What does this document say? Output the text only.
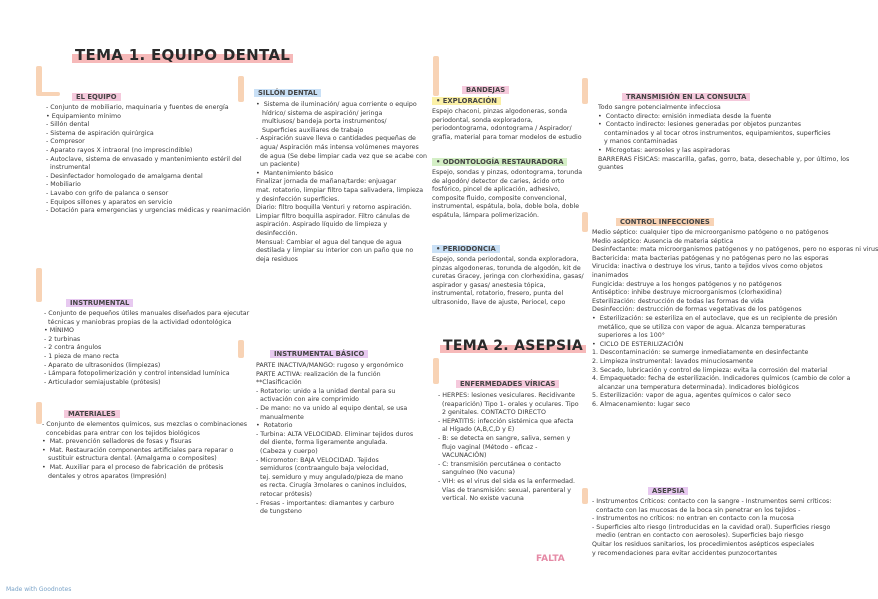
TEMA 1. EQUIPO DENTAL
TEMA 2. ASEPSIA
EL EQUIPO

- Conjunto de mobiliario, maquinaria y fuentes de energía

• Equipamiento mínimo

- Sillón dental

- Sistema de aspiración quirúrgica

- Compresor

- Aparato rayos X intraoral (no imprescindible)

- Autoclave, sistema de envasado y mantenimiento estéril del

instrumental

- Desinfectador homologado de amalgama dental

- Mobiliario

- Lavabo con grifo de palanca o sensor

- Equipos sillones y aparatos en servicio

- Dotación para emergencias y urgencias médicas y reanimación

INSTRUMENTAL

- Conjunto de pequeños útiles manuales diseñados para ejecutar

técnicas y maniobras propias de la actividad odontológica

• MÍNIMO

- 2 turbinas

- 2 contra ángulos

- 1 pieza de mano recta

- Aparato de ultrasonidos (limpiezas)

- Lámpara fotopolimerización y control intensidad lumínica

- Articulador semiajustable (prótesis)

MATERIALES

- Conjunto de elementos químicos, sus mezclas o combinaciones

concebidas para entrar con los tejidos biológicos

•  Mat. prevención selladores de fosas y fisuras

•  Mat. Restauración componentes artificiales para reparar o

sustituir estructura dental. (Amalgama o composites)

•  Mat. Auxiliar para el proceso de fabricación de prótesis

dentales y otros aparatos (Impresión)

SILLÓN DENTAL

•  Sistema de iluminación/ agua corriente o equipo

hídrico/ sistema de aspiración/ jeringa

multiusos/ bandeja porta instrumentos/

Superficies auxiliares de trabajo

- Aspiración suave lleva o cantidades pequeñas de

agua/ Aspiración más intensa volúmenes mayores

de agua (Se debe limpiar cada vez que se acabe con

un paciente)

•  Mantenimiento básico

Finalizar jornada de mañana/tarde: enjuagar

mat. rotatorio, limpiar filtro tapa salivadera, limpieza

y desinfección superficies.

Diario: filtro boquilla Venturi y retorno aspiración.

Limpiar filtro boquilla aspirador. Filtro cánulas de

aspiración. Aspirado líquido de limpieza y

desinfección.

Mensual: Cambiar el agua del tanque de agua

destilada y limpiar su interior con un paño que no

deja residuos

INSTRUMENTAL BÁSICO

PARTE INACTIVA/MANGO: rugoso y ergonómico

PARTE ACTIVA: realización de la función

**Clasificación

- Rotatorio: unido a la unidad dental para su

activación con aire comprimido

- De mano: no va unido al equipo dental, se usa

manualmente

•  Rotatorio

- Turbina: ALTA VELOCIDAD. Eliminar tejidos duros

del diente, forma ligeramente angulada.

(Cabeza y cuerpo)

- Micromotor: BAJA VELOCIDAD. Tejidos

semiduros (contraangulo baja velocidad,

tej. semiduro y muy angulado/pieza de mano

es recta. Cirugía 3molares o caninos incluidos,

retocar prótesis)

- Fresas - importantes: diamantes y carburo

de tungsteno

BANDEJAS
• EXPLORACIÓN

Espejo chaconi, pinzas algodoneras, sonda

periodontal, sonda exploradora,

periodontograma, odontograma / Aspirador/

grafía, material para tomar modelos de estudio

• ODONTOLOGÍA RESTAURADORA

Espejo, sondas y pinzas, odontograma, torunda

de algodón/ detector de caries, ácido orto

fosfórico, pincel de aplicación, adhesivo,

composite fluido, composite convencional,

instrumental, espátula, bola, doble bola, doble

espátula, lámpara polimerización.

• PERIODONCIA

Espejo, sonda periodontal, sonda exploradora,

pinzas algodoneras, torunda de algodón, kit de

curetas Gracey, jeringa con clorhexidina, gasas/

aspirador y gasas/ anestesia tópica,

instrumental, rotatorio, fresero, punta del

ultrasonido, llave de ajuste, Periocel, cepo

ENFERMEDADES VÍRICAS

- HERPES: lesiones vesiculares. Recidivante

(reaparición) Tipo 1- orales y oculares. Tipo

2 genitales. CONTACTO DIRECTO

- HEPATITIS: infección sistémica que afecta

al Hígado (A,B,C,D y E)

- B: se detecta en sangre, saliva, semen y

flujo vaginal (Método - eficaz -

VACUNACIÓN)

- C: transmisión percutánea o contacto

sanguíneo (No vacuna)

- VIH: es el virus del sida es la enfermedad.

Vías de transmisión: sexual, parenteral y

vertical. No existe vacuna

TRANSMISIÓN EN LA CONSULTA

Todo sangre potencialmente infecciosa

•  Contacto directo: emisión inmediata desde la fuente

•  Contacto indirecto: lesiones generadas por objetos punzantes

contaminados y al tocar otros instrumentos, equipamientos, superficies

y manos contaminadas

•  Microgotas: aerosoles y las aspiradoras

BARRERAS FÍSICAS: mascarilla, gafas, gorro, bata, desechable y, por último, los

guantes

CONTROL INFECCIONES

Medio séptico: cualquier tipo de microorganismo patógeno o no patógenos

Medio aséptico: Ausencia de materia séptica

Desinfectante: mata microorganismos patógenos y no patógenos, pero no esporas ni virus

Bactericida: mata bacterias patógenas y no patógenas pero no las esporas

Virucida: inactiva o destruye los virus, tanto a tejidos vivos como objetos

inanimados

Fungicida: destruye a los hongos patógenos y no patógenos

Antiséptico: inhibe destruye microorganismos (clorhexidina)

Esterilización: destrucción de todas las formas de vida

Desinfección: destrucción de formas vegetativas de los patógenos

•  Esterilización: se esteriliza en el autoclave, que es un recipiente de presión

metálico, que se utiliza con vapor de agua. Alcanza temperaturas

superiores a los 100°

•  CICLO DE ESTERILIZACIÓN

1. Descontaminación: se sumerge inmediatamente en desinfectante

2. Limpieza instrumental: lavados minuciosamente

3. Secado, lubricación y control de limpieza: evita la corrosión del material

4. Empaquetado: fecha de esterilización. Indicadores químicos (cambio de color a

alcanzar una temperatura determinada). Indicadores biológicos

5. Esterilización: vapor de agua, agentes químicos o calor seco

6. Almacenamiento: lugar seco

ASEPSIA

- Instrumentos Críticos: contacto con la sangre - Instrumentos semi críticos:

contacto con las mucosas de la boca sin penetrar en los tejidos -

- Instrumentos no críticos: no entran en contacto con la mucosa

- Superficies alto riesgo (introducidas en la cavidad oral). Superficies riesgo

medio (entran en contacto con aerosoles). Superficies bajo riesgo

Quitar los residuos sanitarios, los procedimientos asépticos especiales

y recomendaciones para evitar accidentes punzocortantes

FALTA
Made with Goodnotes
